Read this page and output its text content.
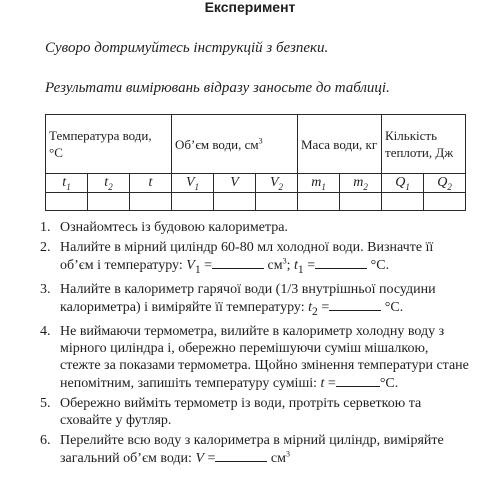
Експеримент
Суворо дотримуйтесь інструкцій з безпеки.
Результати вимірювань відразу заносьте до таблиці.
Температура води, °С			Об’єм води, $см^3$			Маса води, кг		Кількість теплоти, Дж	
$t_1$	$t_2$	t	$V_1$	V	$V_2$	$m_1$	$m_2$	$Q_1$	$Q_2$

1. Ознайомтесь із будовою калориметра.
2. Налийте в мірний циліндр 60-80 мл холодної води. Визначте її об’єм і температуру: $V_1$ =	$см^3$; $t_1$ =	°С.
3. Налийте в калориметр гарячої води (1/3 внутрішньої посудини калориметра) і виміряйте її температуру: $t_2$ =	°С.
4. Не виймаючи термометра, вилийте в калориметр холодну воду з мірного циліндра і, обережно перемішуючи суміш мішалкою, стежте за показами термометра. Щойно змінення температури стане непомітним, запишіть температуру суміші: t =	°С.
5. Обережно вийміть термометр із води, протріть серветкою та сховайте у футляр.
6. Перелийте всю воду з калориметра в мірний циліндр, виміряйте загальний об’єм води: V =	$см^3$
